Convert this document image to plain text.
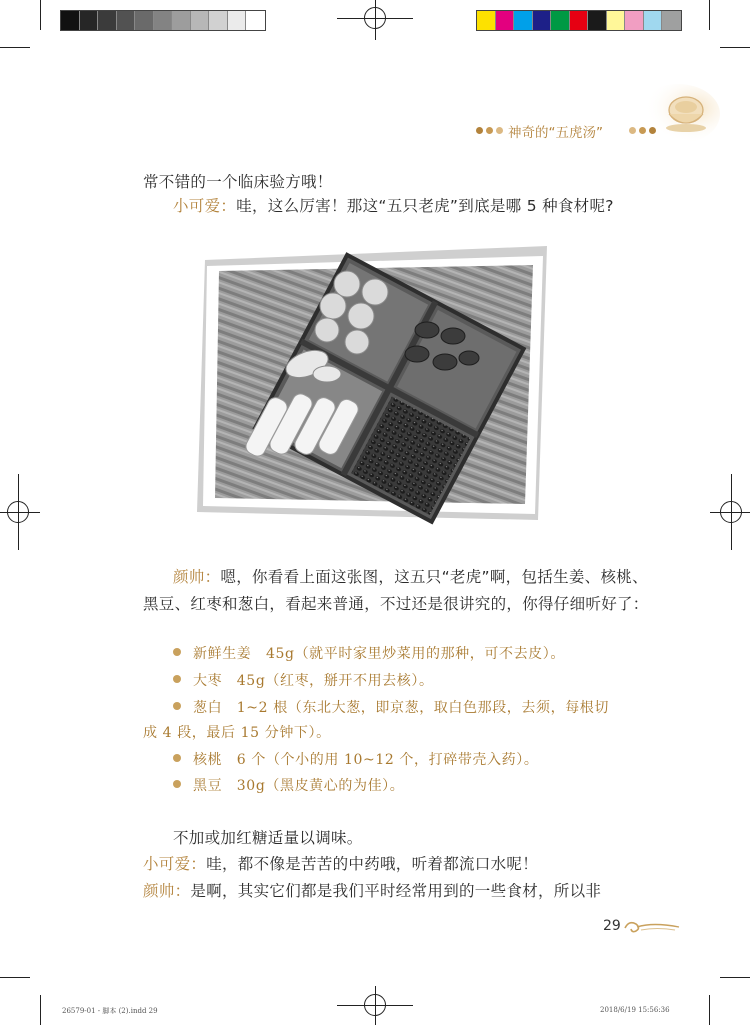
神奇的“五虎汤”
常不错的一个临床验方哦！
小可爱：哇，这么厉害！那这“五只老虎”到底是哪 5 种食材呢?
颜帅：嗯，你看看上面这张图，这五只“老虎”啊，包括生姜、核桃、
黑豆、红枣和葱白，看起来普通，不过还是很讲究的，你得仔细听好了：
新鲜生姜　45g（就平时家里炒菜用的那种，可不去皮）。
大枣　45g（红枣，掰开不用去核）。
葱白　1~2 根（东北大葱，即京葱，取白色那段，去须，每根切
成 4 段，最后 15 分钟下）。
核桃　6 个（个小的用 10~12 个，打碎带壳入药）。
黑豆　30g（黑皮黄心的为佳）。
不加或加红糖适量以调味。
小可爱：哇，都不像是苦苦的中药哦，听着都流口水呢！
颜帅：是啊，其实它们都是我们平时经常用到的一些食材，所以非
29
26579-01 - 脚本 (2).indd 29	2018/6/19 15:56:36
